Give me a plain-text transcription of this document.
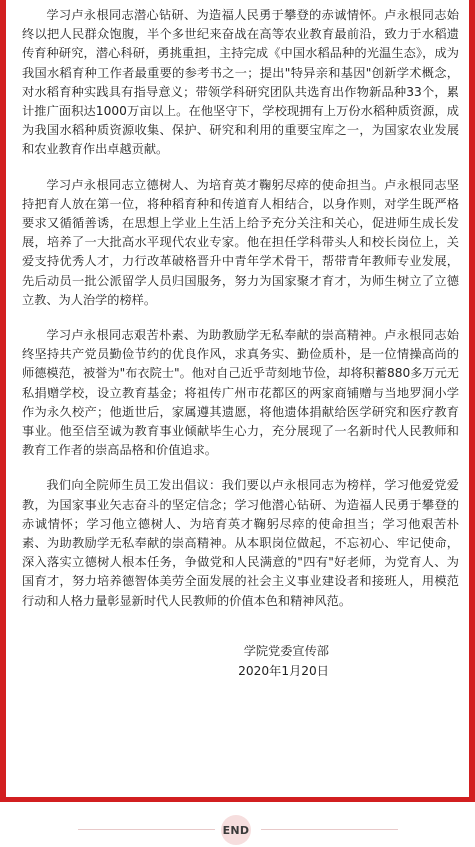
学习卢永根同志潜心钻研、为造福人民勇于攀登的赤诚情怀。卢永根同志始终以把人民群众饱腹，半个多世纪来奋战在高等农业教育最前沿，致力于水稻遗传育种研究，潜心科研，勇挑重担，主持完成《中国水稻品种的光温生态》，成为我国水稻育种工作者最重要的参考书之一；提出"特异亲和基因"创新学术概念，对水稻育种实践具有指导意义；带领学科研究团队共选育出作物新品种33个，累计推广面积达1000万亩以上。在他坚守下，学校现拥有上万份水稻种质资源，成为我国水稻种质资源收集、保护、研究和利用的重要宝库之一，为国家农业发展和农业教育作出卓越贡献。

学习卢永根同志立德树人、为培育英才鞠躬尽瘁的使命担当。卢永根同志坚持把育人放在第一位，将种稻育种和传道育人相结合，以身作则，对学生既严格要求又循循善诱，在思想上学业上生活上给予充分关注和关心，促进师生成长发展，培养了一大批高水平现代农业专家。他在担任学科带头人和校长岗位上，关爱支持优秀人才，力行改革破格晋升中青年学术骨干，帮带青年教师专业发展，先后动员一批公派留学人员归国服务，努力为国家聚才育才，为师生树立了立德立教、为人治学的榜样。

学习卢永根同志艰苦朴素、为助教励学无私奉献的崇高精神。卢永根同志始终坚持共产党员勤俭节约的优良作风，求真务实、勤俭质朴，是一位情操高尚的师德模范，被誉为"布衣院士"。他对自己近乎苛刻地节俭，却将积蓄880多万元无私捐赠学校，设立教育基金；将祖传广州市花都区的两家商铺赠与当地罗洞小学作为永久校产；他逝世后，家属遵其遗愿，将他遗体捐献给医学研究和医疗教育事业。他至信至诚为教育事业倾献毕生心力，充分展现了一名新时代人民教师和教育工作者的崇高品格和价值追求。

我们向全院师生员工发出倡议：我们要以卢永根同志为榜样，学习他爱党爱教，为国家事业矢志奋斗的坚定信念；学习他潜心钻研、为造福人民勇于攀登的赤诚情怀；学习他立德树人、为培育英才鞠躬尽瘁的使命担当；学习他艰苦朴素、为助教励学无私奉献的崇高精神。从本职岗位做起，不忘初心、牢记使命，深入落实立德树人根本任务，争做党和人民满意的"四有"好老师，为党育人、为国育才，努力培养德智体美劳全面发展的社会主义事业建设者和接班人，用模范行动和人格力量彰显新时代人民教师的价值本色和精神风范。

学院党委宣传部
2020年1月20日
END
